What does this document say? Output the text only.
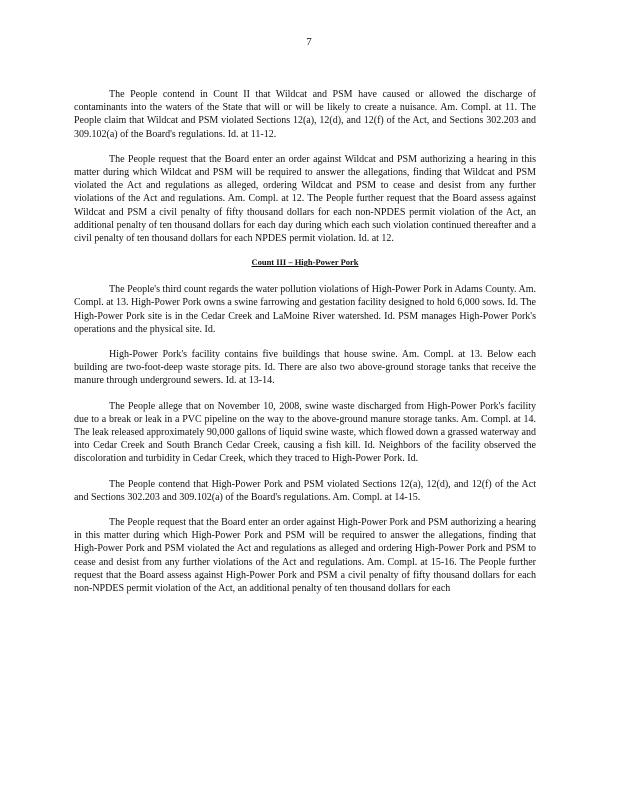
7

The People contend in Count II that Wildcat and PSM have caused or allowed the discharge of contaminants into the waters of the State that will or will be likely to create a nuisance. Am. Compl. at 11. The People claim that Wildcat and PSM violated Sections 12(a), 12(d), and 12(f) of the Act, and Sections 302.203 and 309.102(a) of the Board's regulations. Id. at 11-12.

The People request that the Board enter an order against Wildcat and PSM authorizing a hearing in this matter during which Wildcat and PSM will be required to answer the allegations, finding that Wildcat and PSM violated the Act and regulations as alleged, ordering Wildcat and PSM to cease and desist from any further violations of the Act and regulations. Am. Compl. at 12. The People further request that the Board assess against Wildcat and PSM a civil penalty of fifty thousand dollars for each non-NPDES permit violation of the Act, an additional penalty of ten thousand dollars for each day during which each such violation continued thereafter and a civil penalty of ten thousand dollars for each NPDES permit violation. Id. at 12.

Count III – High-Power Pork

The People's third count regards the water pollution violations of High-Power Pork in Adams County. Am. Compl. at 13. High-Power Pork owns a swine farrowing and gestation facility designed to hold 6,000 sows. Id. The High-Power Pork site is in the Cedar Creek and LaMoine River watershed. Id. PSM manages High-Power Pork's operations and the physical site. Id.

High-Power Pork's facility contains five buildings that house swine. Am. Compl. at 13. Below each building are two-foot-deep waste storage pits. Id. There are also two above-ground storage tanks that receive the manure through underground sewers. Id. at 13-14.

The People allege that on November 10, 2008, swine waste discharged from High-Power Pork's facility due to a break or leak in a PVC pipeline on the way to the above-ground manure storage tanks. Am. Compl. at 14. The leak released approximately 90,000 gallons of liquid swine waste, which flowed down a grassed waterway and into Cedar Creek and South Branch Cedar Creek, causing a fish kill. Id. Neighbors of the facility observed the discoloration and turbidity in Cedar Creek, which they traced to High-Power Pork. Id.

The People contend that High-Power Pork and PSM violated Sections 12(a), 12(d), and 12(f) of the Act and Sections 302.203 and 309.102(a) of the Board's regulations. Am. Compl. at 14-15.

The People request that the Board enter an order against High-Power Pork and PSM authorizing a hearing in this matter during which High-Power Pork and PSM will be required to answer the allegations, finding that High-Power Pork and PSM violated the Act and regulations as alleged and ordering High-Power Pork and PSM to cease and desist from any further violations of the Act and regulations. Am. Compl. at 15-16. The People further request that the Board assess against High-Power Pork and PSM a civil penalty of fifty thousand dollars for each non-NPDES permit violation of the Act, an additional penalty of ten thousand dollars for each
